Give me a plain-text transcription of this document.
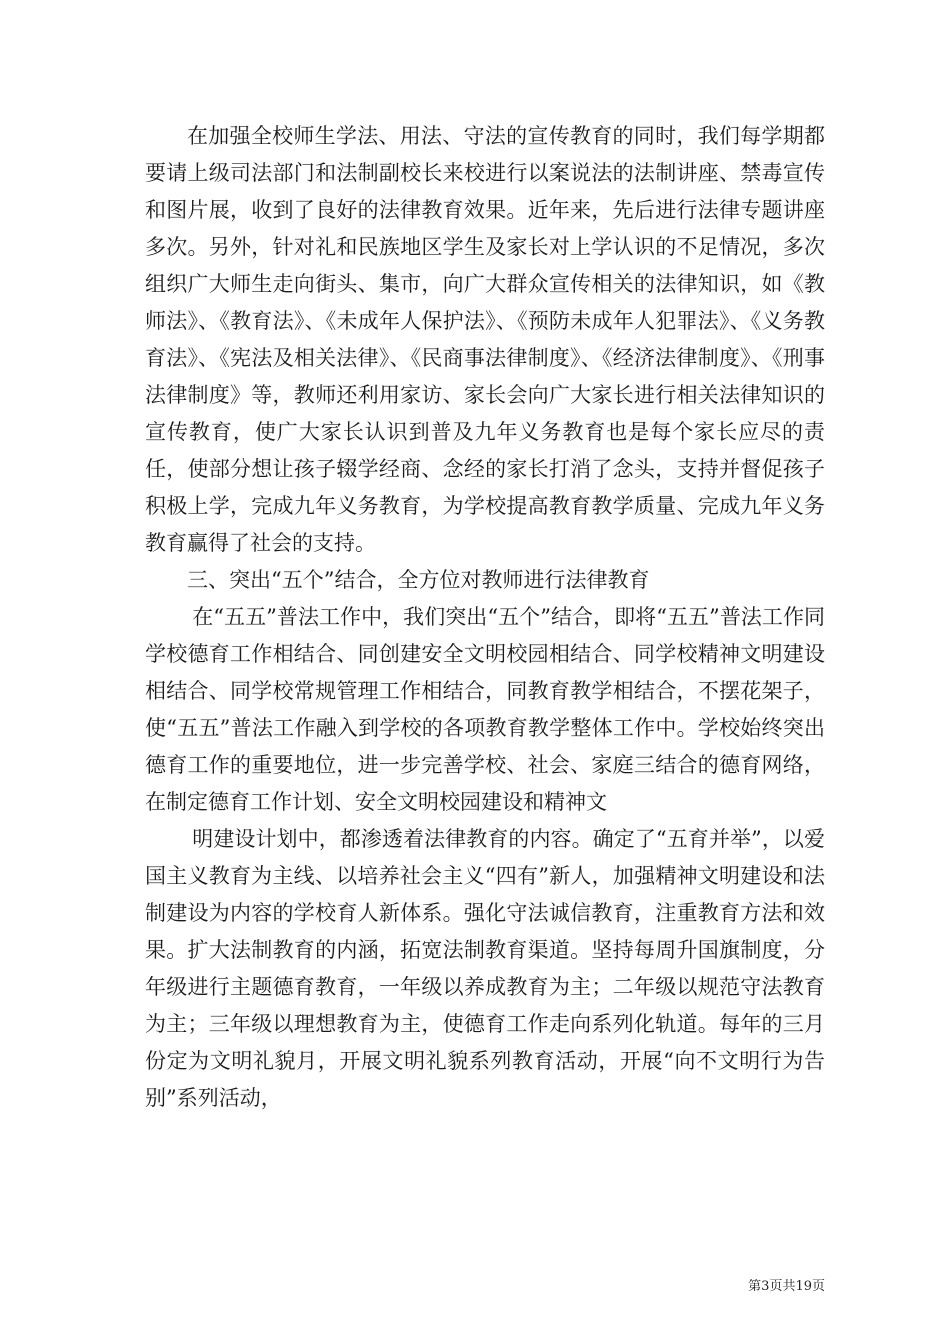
在加强全校师生学法、用法、守法的宣传教育的同时，我们每学期都要请上级司法部门和法制副校长来校进行以案说法的法制讲座、禁毒宣传和图片展，收到了良好的法律教育效果。近年来，先后进行法律专题讲座多次。另外，针对礼和民族地区学生及家长对上学认识的不足情况，多次组织广大师生走向街头、集市，向广大群众宣传相关的法律知识，如《教师法》、《教育法》、《未成年人保护法》、《预防未成年人犯罪法》、《义务教育法》、《宪法及相关法律》、《民商事法律制度》、《经济法律制度》、《刑事法律制度》等，教师还利用家访、家长会向广大家长进行相关法律知识的宣传教育，使广大家长认识到普及九年义务教育也是每个家长应尽的责任，使部分想让孩子辍学经商、念经的家长打消了念头，支持并督促孩子积极上学，完成九年义务教育，为学校提高教育教学质量、完成九年义务教育赢得了社会的支持。

三、突出“五个”结合，全方位对教师进行法律教育

在“五五”普法工作中，我们突出“五个”结合，即将“五五”普法工作同学校德育工作相结合、同创建安全文明校园相结合、同学校精神文明建设相结合、同学校常规管理工作相结合，同教育教学相结合，不摆花架子，使“五五”普法工作融入到学校的各项教育教学整体工作中。学校始终突出德育工作的重要地位，进一步完善学校、社会、家庭三结合的德育网络，在制定德育工作计划、安全文明校园建设和精神文

明建设计划中，都渗透着法律教育的内容。确定了“五育并举”，以爱国主义教育为主线、以培养社会主义“四有”新人，加强精神文明建设和法制建设为内容的学校育人新体系。强化守法诚信教育，注重教育方法和效果。扩大法制教育的内涵，拓宽法制教育渠道。坚持每周升国旗制度，分年级进行主题德育教育，一年级以养成教育为主；二年级以规范守法教育为主；三年级以理想教育为主，使德育工作走向系列化轨道。每年的三月份定为文明礼貌月，开展文明礼貌系列教育活动，开展“向不文明行为告别”系列活动，

第3页共19页
